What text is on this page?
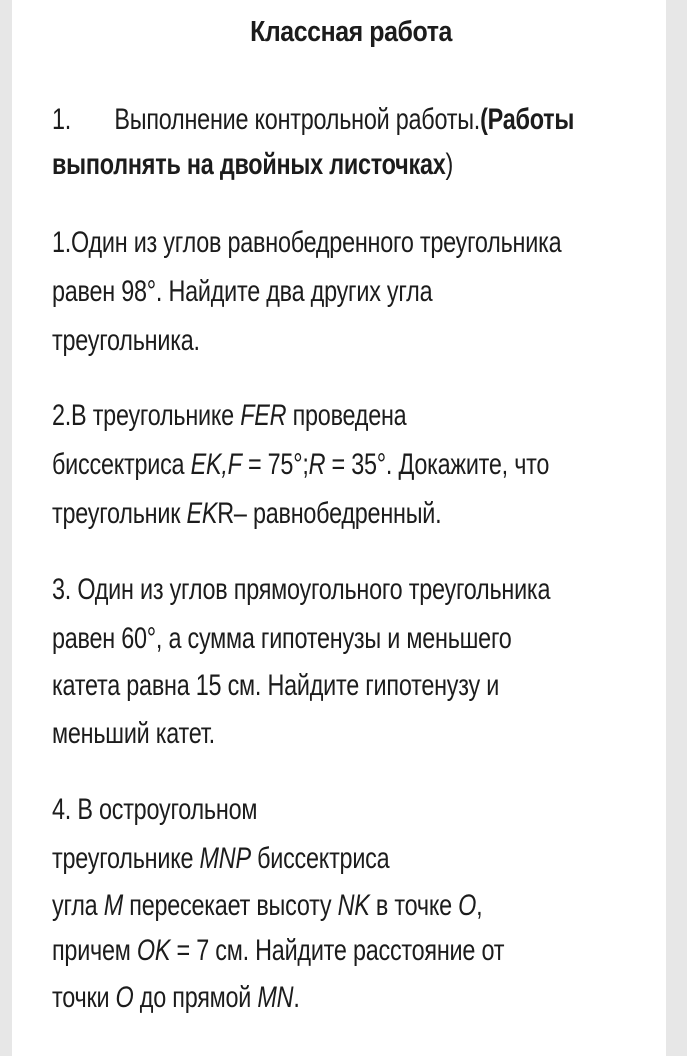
Классная работа
1. Выполнение контрольной работы.(Работы
выполнять на двойных листочках)
1.Один из углов равнобедренного треугольника
равен 98°. Найдите два других угла
треугольника.
2.В треугольнике FER проведена
биссектриса EK,F = 75°;R = 35°. Докажите, что
треугольник EKR– равнобедренный.
3. Один из углов прямоугольного треугольника
равен 60°, а сумма гипотенузы и меньшего
катета равна 15 см. Найдите гипотенузу и
меньший катет.
4. В остроугольном
треугольнике MNP биссектриса
угла M пересекает высоту NK в точке O,
причем OK = 7 см. Найдите расстояние от
точки O до прямой MN.
